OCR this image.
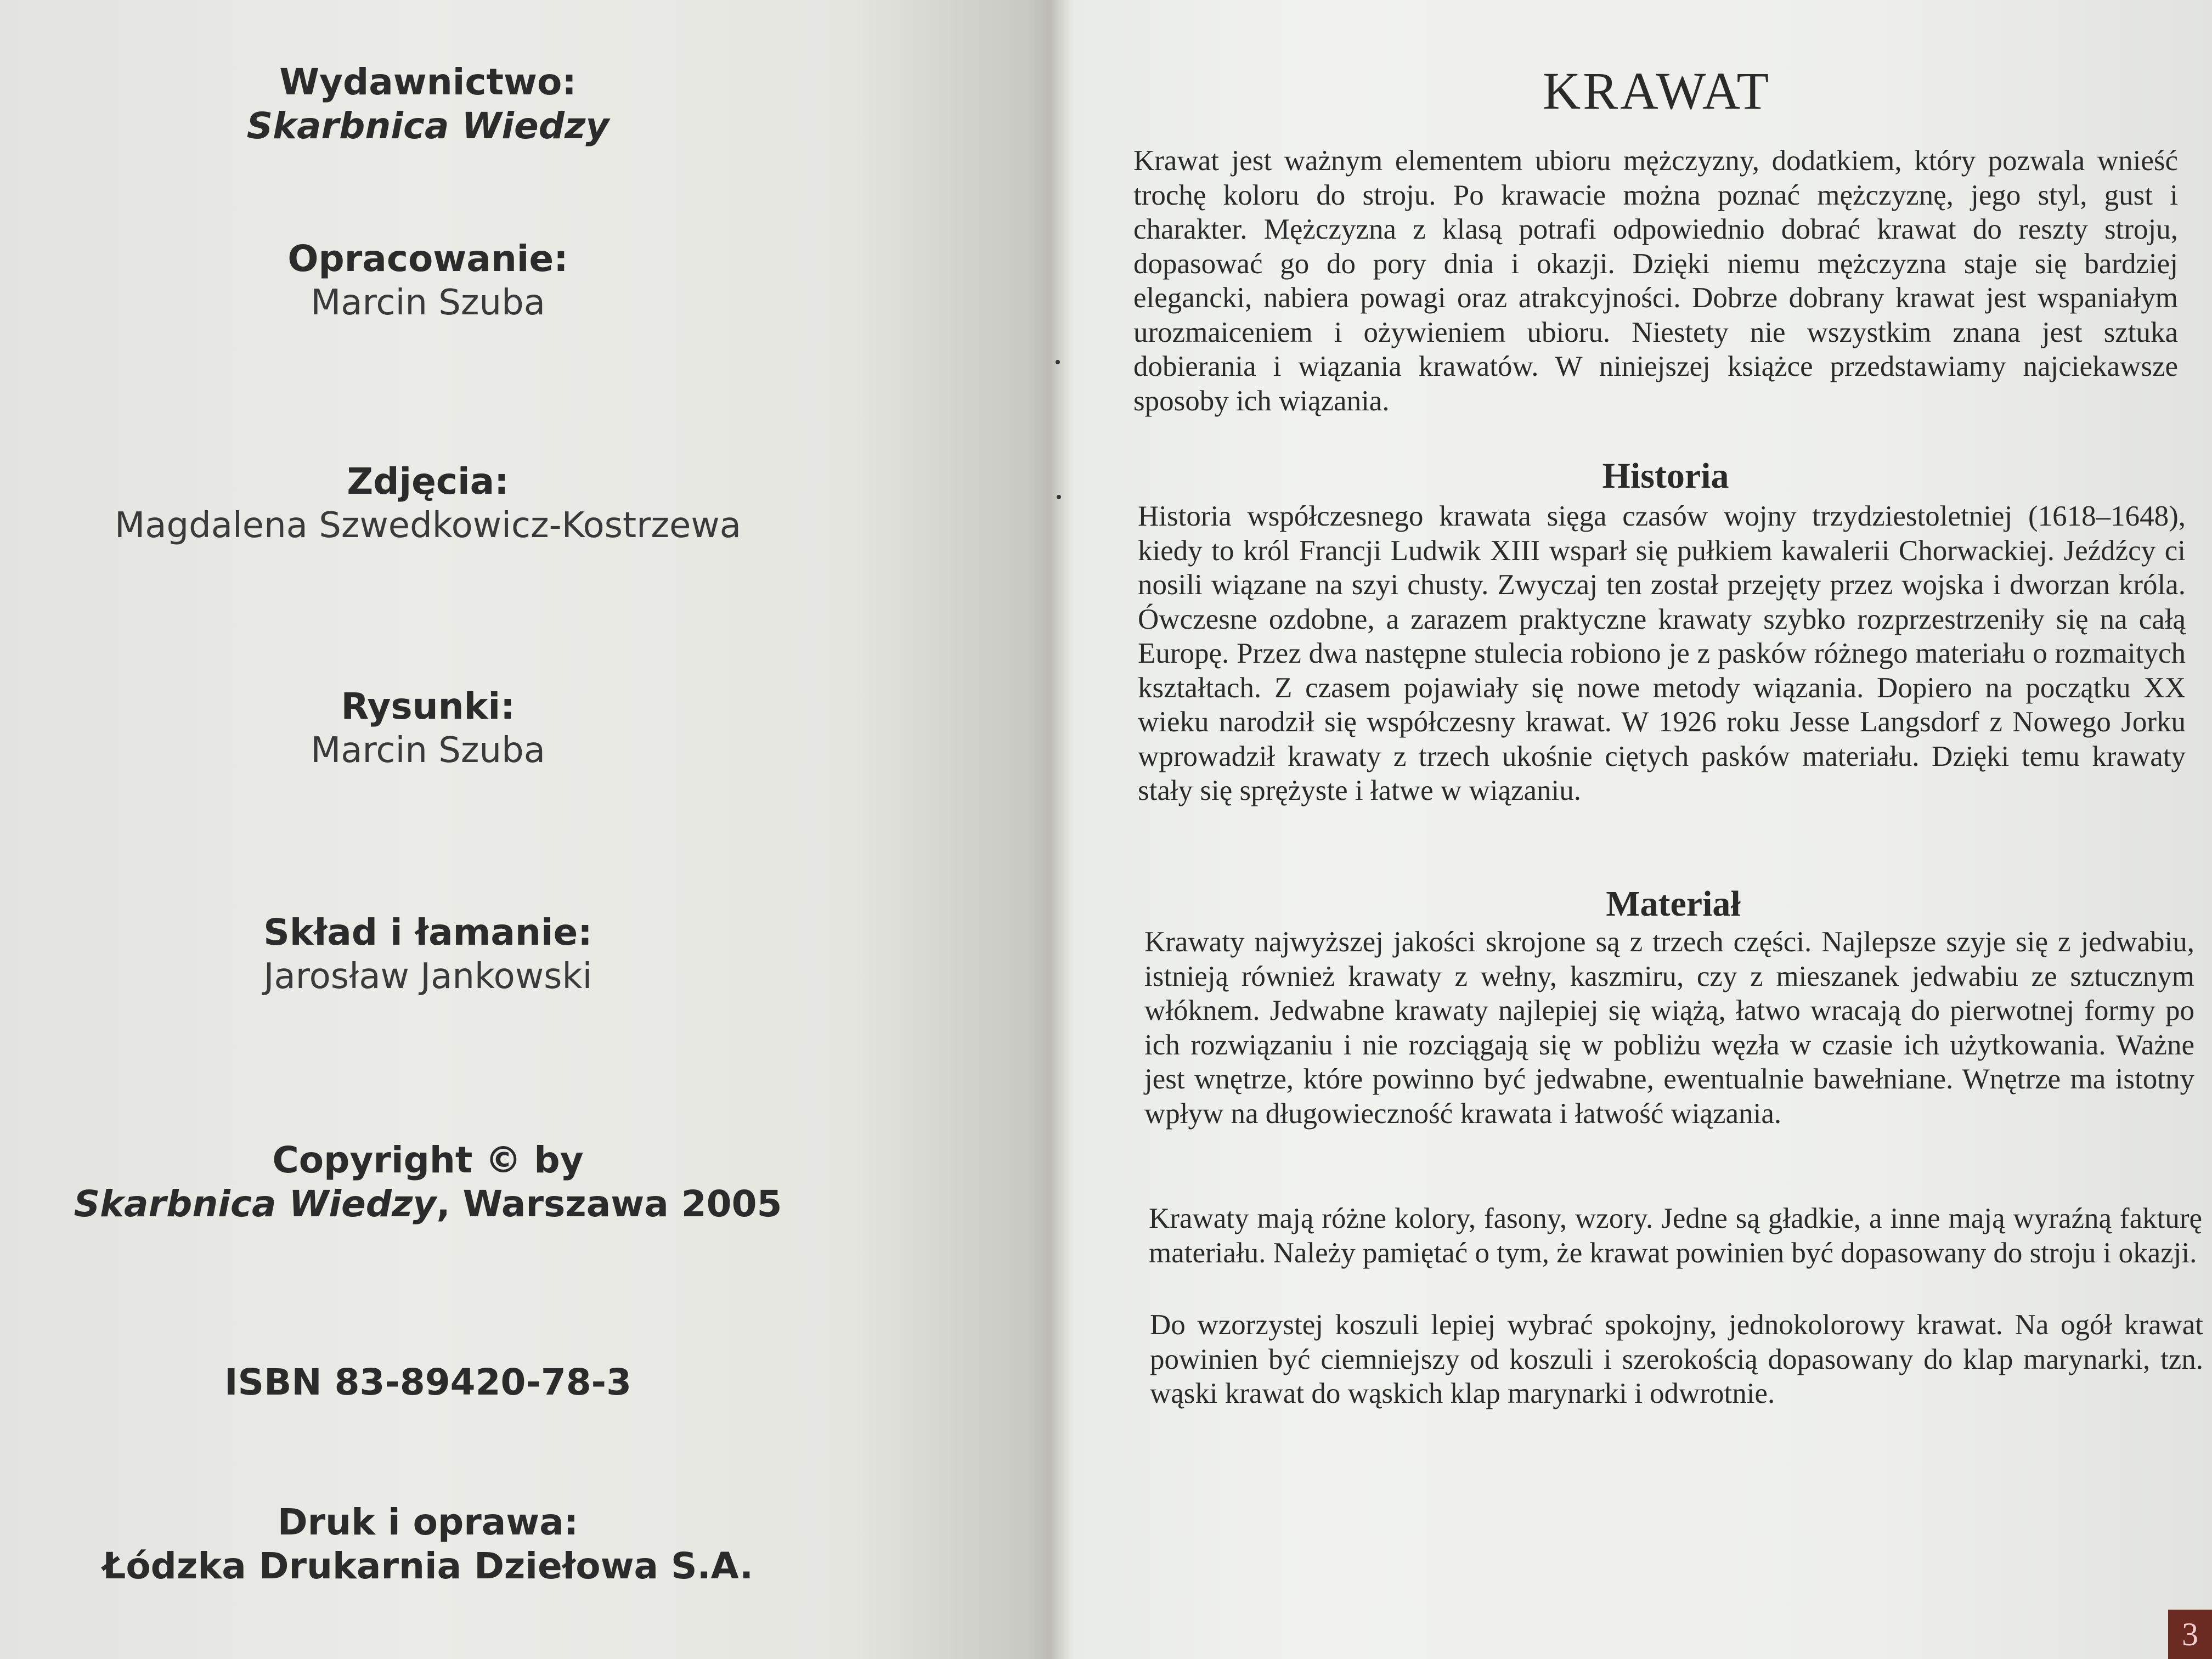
Wydawnictwo:
Skarbnica Wiedzy
Opracowanie:
Marcin Szuba
Zdjęcia:
Magdalena Szwedkowicz-Kostrzewa
Rysunki:
Marcin Szuba
Skład i łamanie:
Jarosław Jankowski
Copyright © by
Skarbnica Wiedzy, Warszawa 2005
ISBN 83-89420-78-3
Druk i oprawa:
Łódzka Drukarnia Dziełowa S.A.
KRAWAT
Krawat jest ważnym elementem ubioru mężczyzny, dodatkiem, który pozwala wnieść trochę koloru do stroju. Po krawacie można poznać mężczyznę, jego styl, gust i charakter. Mężczyzna z klasą potrafi odpowiednio dobrać krawat do reszty stroju, dopasować go do pory dnia i okazji. Dzięki niemu mężczyzna staje się bardziej elegancki, nabiera powagi oraz atrakcyjności. Dobrze dobrany krawat jest wspaniałym urozmaiceniem i ożywieniem ubioru. Niestety nie wszystkim znana jest sztuka dobierania i wiązania krawatów. W niniejszej książce przedstawiamy najciekawsze sposoby ich wiązania.
Historia
Historia współczesnego krawata sięga czasów wojny trzydziestoletniej (1618–1648), kiedy to król Francji Ludwik XIII wsparł się pułkiem kawalerii Chorwackiej. Jeźdźcy ci nosili wiązane na szyi chusty. Zwyczaj ten został przejęty przez wojska i dworzan króla. Ówczesne ozdobne, a zarazem praktyczne krawaty szybko rozprzestrzeniły się na całą Europę. Przez dwa następne stulecia robiono je z pasków różnego materiału o rozmaitych kształtach. Z czasem pojawiały się nowe metody wiązania. Dopiero na początku XX wieku narodził się współczesny krawat. W 1926 roku Jesse Langsdorf z Nowego Jorku wprowadził krawaty z trzech ukośnie ciętych pasków materiału. Dzięki temu krawaty stały się sprężyste i łatwe w wiązaniu.
Materiał
Krawaty najwyższej jakości skrojone są z trzech części. Najlepsze szyje się z jedwabiu, istnieją również krawaty z wełny, kaszmiru, czy z mieszanek jedwabiu ze sztucznym włóknem. Jedwabne krawaty najlepiej się wiążą, łatwo wracają do pierwotnej formy po ich rozwiązaniu i nie rozciągają się w pobliżu węzła w czasie ich użytkowania. Ważne jest wnętrze, które powinno być jedwabne, ewentualnie bawełniane. Wnętrze ma istotny wpływ na długowieczność krawata i łatwość wiązania.
Krawaty mają różne kolory, fasony, wzory. Jedne są gładkie, a inne mają wyraźną fakturę materiału. Należy pamiętać o tym, że krawat powinien być dopasowany do stroju i okazji.
Do wzorzystej koszuli lepiej wybrać spokojny, jednokolorowy krawat. Na ogół krawat powinien być ciemniejszy od koszuli i szerokością dopasowany do klap marynarki, tzn. wąski krawat do wąskich klap marynarki i odwrotnie.
3
